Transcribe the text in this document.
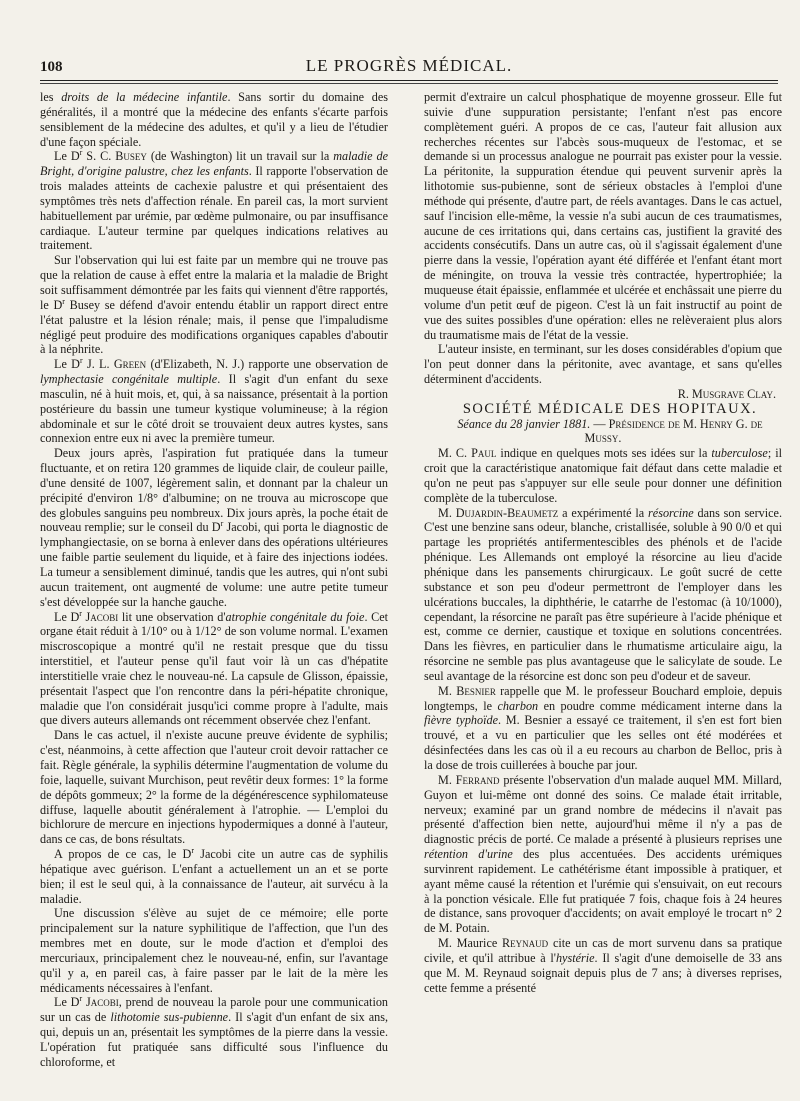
108	LE PROGRÈS MÉDICAL.

les droits de la médecine infantile. Sans sortir du domaine des généralités, il a montré que la médecine des enfants s'écarte parfois sensiblement de la médecine des adultes, et qu'il y a lieu de l'étudier d'une façon spéciale.

Le $D^r$ S. C. Busey (de Washington) lit un travail sur la maladie de Bright, d'origine palustre, chez les enfants. Il rapporte l'observation de trois malades atteints de cachexie palustre et qui présentaient des symptômes très nets d'affection rénale. En pareil cas, la mort survient habituellement par urémie, par œdème pulmonaire, ou par insuffisance cardiaque. L'auteur termine par quelques indications relatives au traitement.

Sur l'observation qui lui est faite par un membre qui ne trouve pas que la relation de cause à effet entre la malaria et la maladie de Bright soit suffisamment démontrée par les faits qui viennent d'être rapportés, le $D^r$ Busey se défend d'avoir entendu établir un rapport direct entre l'état palustre et la lésion rénale; mais, il pense que l'impaludisme négligé peut produire des modifications organiques capables d'aboutir à la néphrite.

Le $D^r$ J. L. Green (d'Elizabeth, N. J.) rapporte une observation de lymphectasie congénitale multiple. Il s'agit d'un enfant du sexe masculin, né à huit mois, et, qui, à sa naissance, présentait à la portion postérieure du bassin une tumeur kystique volumineuse; à la région abdominale et sur le côté droit se trouvaient deux autres kystes, sans connexion entre eux ni avec la première tumeur.

Deux jours après, l'aspiration fut pratiquée dans la tumeur fluctuante, et on retira 120 grammes de liquide clair, de couleur paille, d'une densité de 1007, légèrement salin, et donnant par la chaleur un précipité d'environ 1/8° d'albumine; on ne trouva au microscope que des globules sanguins peu nombreux. Dix jours après, la poche était de nouveau remplie; sur le conseil du $D^r$ Jacobi, qui porta le diagnostic de lymphangiectasie, on se borna à enlever dans des opérations ultérieures une faible partie seulement du liquide, et à faire des injections iodées. La tumeur a sensiblement diminué, tandis que les autres, qui n'ont subi aucun traitement, ont augmenté de volume: une autre petite tumeur s'est développée sur la hanche gauche.

Le $D^r$ Jacobi lit une observation d'atrophie congénitale du foie. Cet organe était réduit à 1/10° ou à 1/12° de son volume normal. L'examen miscroscopique a montré qu'il ne restait presque que du tissu interstitiel, et l'auteur pense qu'il faut voir là un cas d'hépatite interstitielle vraie chez le nouveau-né. La capsule de Glisson, épaissie, présentait l'aspect que l'on rencontre dans la péri-hépatite chronique, maladie que l'on considérait jusqu'ici comme propre à l'adulte, mais que divers auteurs allemands ont récemment observée chez l'enfant.

Dans le cas actuel, il n'existe aucune preuve évidente de syphilis; c'est, néanmoins, à cette affection que l'auteur croit devoir rattacher ce fait. Règle générale, la syphilis détermine l'augmentation de volume du foie, laquelle, suivant Murchison, peut revêtir deux formes: 1° la forme de dépôts gommeux; 2° la forme de la dégénérescence syphilomateuse diffuse, laquelle aboutit généralement à l'atrophie. — L'emploi du bichlorure de mercure en injections hypodermiques a donné à l'auteur, dans ce cas, de bons résultats.

A propos de ce cas, le $D^r$ Jacobi cite un autre cas de syphilis hépatique avec guérison. L'enfant a actuellement un an et se porte bien; il est le seul qui, à la connaissance de l'auteur, ait survécu à la maladie.

Une discussion s'élève au sujet de ce mémoire; elle porte principalement sur la nature syphilitique de l'affection, que l'un des membres met en doute, sur le mode d'action et d'emploi des mercuriaux, principalement chez le nouveau-né, enfin, sur l'avantage qu'il y a, en pareil cas, à faire passer par le lait de la mère les médicaments nécessaires à l'enfant.

Le $D^r$ Jacobi, prend de nouveau la parole pour une communication sur un cas de lithotomie sus-pubienne. Il s'agit d'un enfant de six ans, qui, depuis un an, présentait les symptômes de la pierre dans la vessie. L'opération fut pratiquée sans difficulté sous l'influence du chloroforme, et

permit d'extraire un calcul phosphatique de moyenne grosseur. Elle fut suivie d'une suppuration persistante; l'enfant n'est pas encore complètement guéri. A propos de ce cas, l'auteur fait allusion aux recherches récentes sur l'abcès sous-muqueux de l'estomac, et se demande si un processus analogue ne pourrait pas exister pour la vessie. La péritonite, la suppuration étendue qui peuvent survenir après la lithotomie sus-pubienne, sont de sérieux obstacles à l'emploi d'une méthode qui présente, d'autre part, de réels avantages. Dans le cas actuel, sauf l'incision elle-même, la vessie n'a subi aucun de ces traumatismes, aucune de ces irritations qui, dans certains cas, justifient la gravité des accidents consécutifs. Dans un autre cas, où il s'agissait également d'une pierre dans la vessie, l'opération ayant été différée et l'enfant étant mort de méningite, on trouva la vessie très contractée, hypertrophiée; la muqueuse était épaissie, enflammée et ulcérée et enchâssait une pierre du volume d'un petit œuf de pigeon. C'est là un fait instructif au point de vue des suites possibles d'une opération: elles ne relèveraient plus alors du traumatisme mais de l'état de la vessie.

L'auteur insiste, en terminant, sur les doses considérables d'opium que l'on peut donner dans la péritonite, avec avantage, et sans qu'elles déterminent d'accidents.

R. Musgrave Clay.

SOCIÉTÉ MÉDICALE DES HOPITAUX.

Séance du 28 janvier 1881. — Présidence de M. Henry G. de Mussy.

M. C. Paul indique en quelques mots ses idées sur la tuberculose; il croit que la caractéristique anatomique fait défaut dans cette maladie et qu'on ne peut pas s'appuyer sur elle seule pour donner une définition complète de la tuberculose.

M. Dujardin-Beaumetz a expérimenté la résorcine dans son service. C'est une benzine sans odeur, blanche, cristallisée, soluble à 90 0/0 et qui partage les propriétés antifermentescibles des phénols et de l'acide phénique. Les Allemands ont employé la résorcine au lieu d'acide phénique dans les pansements chirurgicaux. Le goût sucré de cette substance et son peu d'odeur permettront de l'employer dans les ulcérations buccales, la diphthérie, le catarrhe de l'estomac (à 10/1000), cependant, la résorcine ne paraît pas être supérieure à l'acide phénique et est, comme ce dernier, caustique et toxique en solutions concentrées. Dans les fièvres, en particulier dans le rhumatisme articulaire aigu, la résorcine ne semble pas plus avantageuse que le salicylate de soude. Le seul avantage de la résorcine est donc son peu d'odeur et de saveur.

M. Besnier rappelle que M. le professeur Bouchard emploie, depuis longtemps, le charbon en poudre comme médicament interne dans la fièvre typhoïde. M. Besnier a essayé ce traitement, il s'en est fort bien trouvé, et a vu en particulier que les selles ont été modérées et désinfectées dans les cas où il a eu recours au charbon de Belloc, pris à la dose de trois cuillerées à bouche par jour.

M. Ferrand présente l'observation d'un malade auquel MM. Millard, Guyon et lui-même ont donné des soins. Ce malade était irritable, nerveux; examiné par un grand nombre de médecins il n'avait pas présenté d'affection bien nette, aujourd'hui même il n'y a pas de diagnostic précis de porté. Ce malade a présenté à plusieurs reprises une rétention d'urine des plus accentuées. Des accidents urémiques survinrent rapidement. Le cathétérisme étant impossible à pratiquer, et ayant même causé la rétention et l'urémie qui s'ensuivait, on eut recours à la ponction vésicale. Elle fut pratiquée 7 fois, chaque fois à 24 heures de distance, sans provoquer d'accidents; on avait employé le trocart n° 2 de M. Potain.

M. Maurice Reynaud cite un cas de mort survenu dans sa pratique civile, et qu'il attribue à l'hystérie. Il s'agit d'une demoiselle de 33 ans que M. M. Reynaud soignait depuis plus de 7 ans; à diverses reprises, cette femme a présenté
